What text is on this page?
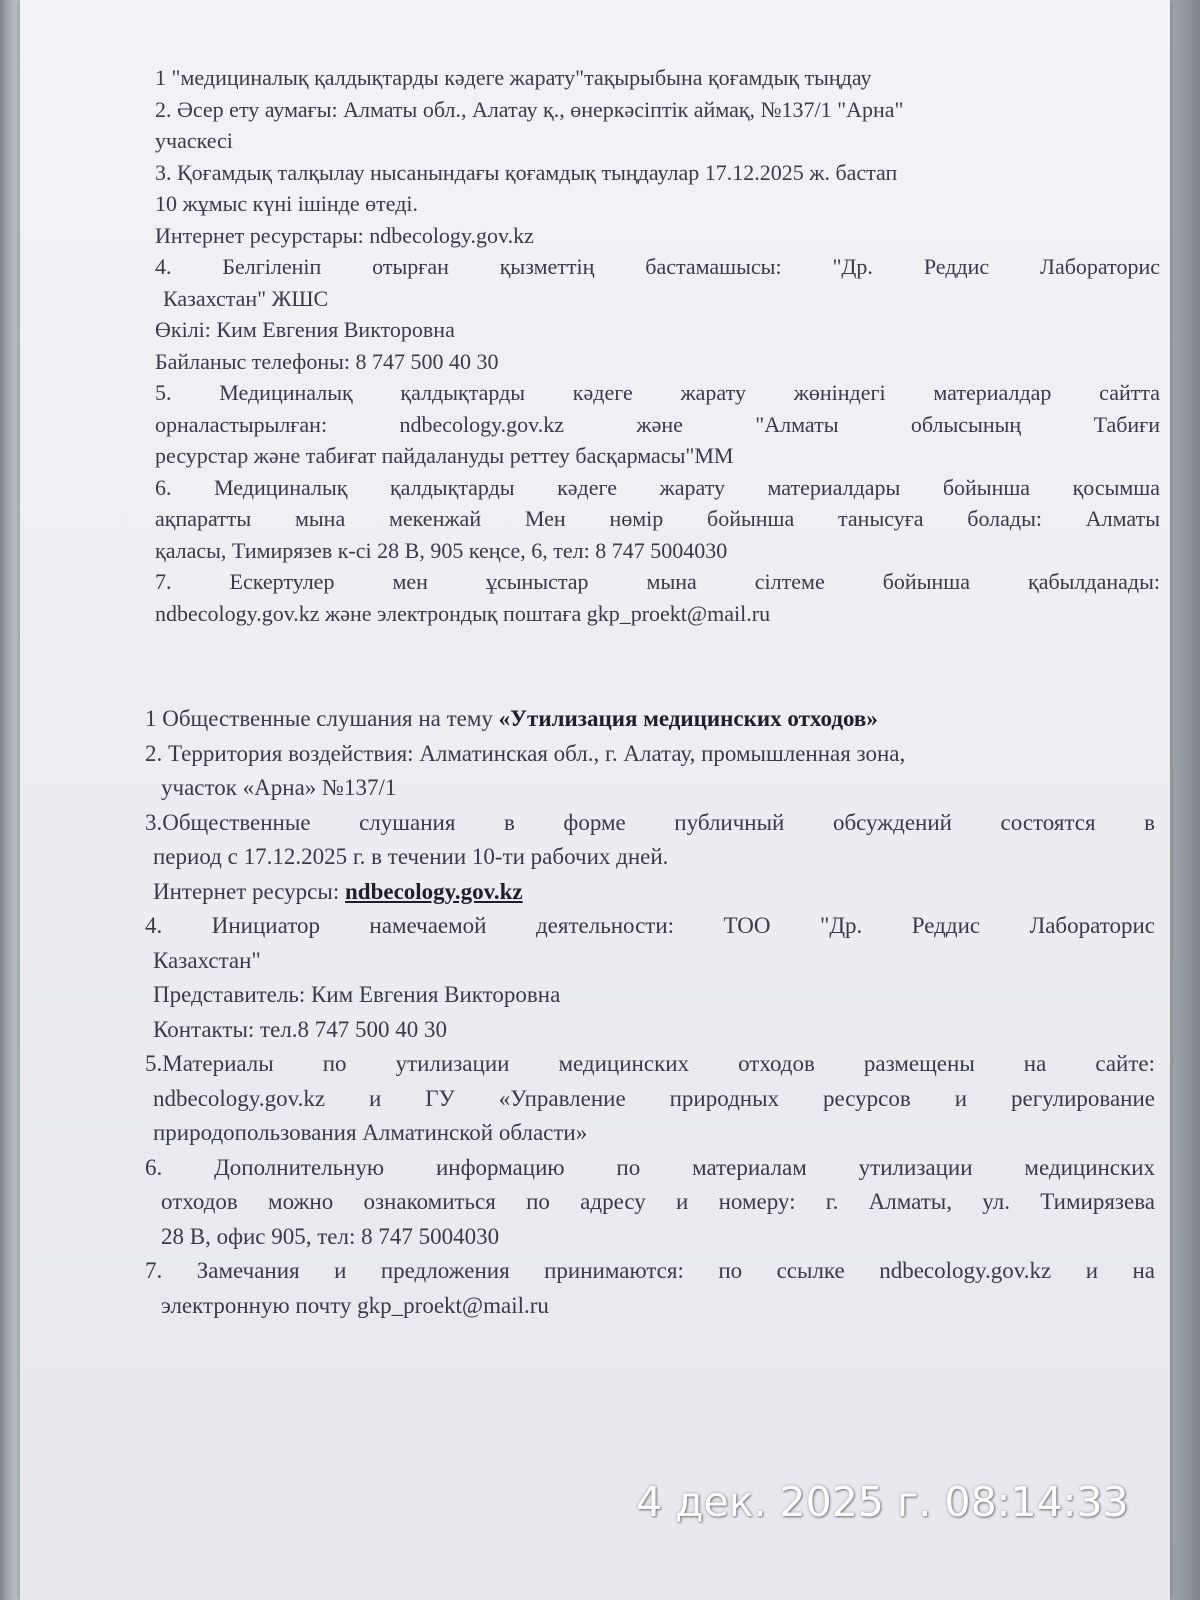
1 "медициналық қалдықтарды кәдеге жарату"тақырыбына қоғамдық тыңдау

2. Әсер ету аумағы: Алматы обл., Алатау қ., өнеркәсіптік аймақ, №137/1 "Арна"

учаскесі

3. Қоғамдық талқылау нысанындағы қоғамдық тыңдаулар 17.12.2025 ж. бастап

10 жұмыс күні ішінде өтеді.

Интернет ресурстары: ndbecology.gov.kz

4. Белгіленіп отырған қызметтің бастамашысы: "Др. Реддис Лабораторис

Казахстан" ЖШС

Өкілі: Ким Евгения Викторовна

Байланыс телефоны: 8 747 500 40 30

5. Медициналық қалдықтарды кәдеге жарату жөніндегі материалдар сайтта

орналастырылған: ndbecology.gov.kz және "Алматы облысының Табиғи

ресурстар және табиғат пайдалануды реттеу басқармасы"ММ

6. Медициналық қалдықтарды кәдеге жарату материалдары бойынша қосымша

ақпаратты мына мекенжай Мен нөмір бойынша танысуға болады: Алматы

қаласы, Тимирязев к-сі 28 В, 905 кеңсе, 6, тел: 8 747 5004030

7. Ескертулер мен ұсыныстар мына сілтеме бойынша қабылданады:

ndbecology.gov.kz және электрондық поштаға gkp_proekt@mail.ru

1 Общественные слушания на тему «Утилизация медицинских отходов»

2. Территория воздействия: Алматинская обл., г. Алатау, промышленная зона,

участок «Арна» №137/1

3.Общественные слушания в форме публичный обсуждений состоятся в

период с 17.12.2025 г. в течении 10-ти рабочих дней.

Интернет ресурсы: ndbecology.gov.kz

4. Инициатор намечаемой деятельности: ТОО "Др. Реддис Лабораторис

Казахстан"

Представитель: Ким Евгения Викторовна

Контакты: тел.8 747 500 40 30

5.Материалы по утилизации медицинских отходов размещены на сайте:

ndbecology.gov.kz и ГУ «Управление природных ресурсов и регулирование

природопользования Алматинской области»

6. Дополнительную информацию по материалам утилизации медицинских

отходов можно ознакомиться по адресу и номеру: г. Алматы, ул. Тимирязева

28 В, офис 905, тел: 8 747 5004030

7. Замечания и предложения принимаются: по ссылке ndbecology.gov.kz и на

электронную почту gkp_proekt@mail.ru

4 дек. 2025 г. 08:14:33
